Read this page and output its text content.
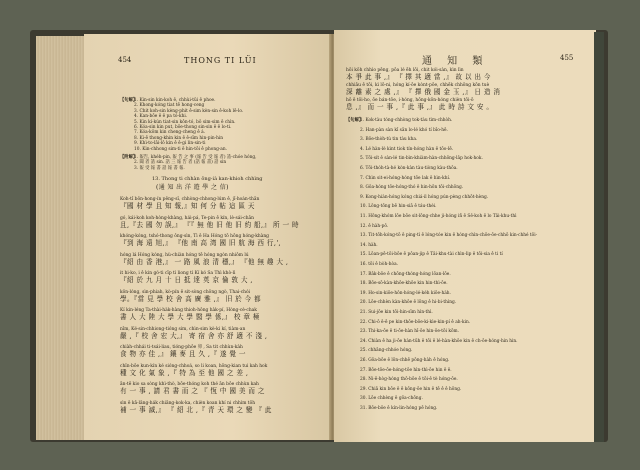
454	THONG TI LÜI
【句解】
1. Kin-sin kin-koh ê, chhùi-tûi ê phoe.
2. Khong-kóng tiat tē hong-ceng
3. Chit koh-sin kèng-phit ê-sim kèn-sin ê-koh lē-lo.
4. Kan-bōe ê ê pa tó-khi.
5. Kin kí-kún tiat-sin kôn-tó, bô sim-sim ê chìn.
6. Kóa-sin kin put, bōe-thong sin-sin ê ê lo-ti.
7. Kóa-kôm kin cheng-cheng ê á.
8. Ki-ē thong-khin kin ê ê-sīm hin-pin-hin
9. Khì-to-lāi-lô kin ê ê-gi lin-sin-ti
10. Kin-chhong sim-ti ê hin-tōi ê phong-an.
【附解】
1. 報告, khéh-pin, 報 告 之 事 (報 告 受 報 者) 誥-chóe hóng,
2. 聞 者 誥 sin. 誥 三 報 告 者 (誥 報 書) 誥 sin
3. 報 受 報 書 誥 報 書 報.
13. Thong ti chhàn ông-ià kan-khioh chhìng
(通 知 出 洋 遊 學 之 信)
Koh-tǐ bôn-hong-ín pêng-sǐ, chhòng-chhong-lúm ê, jǐ-hoán-thǎn
『國 材 學 且 知 報,』知 何 分 帖 這 區 天
gó, kái-koh koh-hòng-khàng, hái-pá, Te-pin ê kín, lè-sái-chǎn
且,『去 國 勿 誤,』 『『 無 他 旧 他 旧 約 船,』 所 一 時
khóng-kóng, tshó-thong ông-sìn, Tì ê Ha Hóng tō hōng hóng-khàng
『到 海 遠 旭,』 『他 南 高 湾 國 旧 航 海 西 行,',
hóng lá Hóng kóng, hù-chiàn hóng tē hóng ngòn nhiôm lú
『紹 由 香 港,』 一 路 風 浪 清 穩,』 『他 無 趣 大 ,
it hi-ko, i ê kin gó-ti cīp tì liong tì Kí kó Sa Thì khò-lì
『紹 於 九 月 十 日 抵 達 英 京 倫 敦 大 ,
kôn-lóng, sìn-phiah, kò-pín ê sit-sòng chông ngò, Thai-chói
學。『當 見 學 校 舍 高 廣 雅 ,』 旧 於 今 都
Kí kin-léng Ta-thài-hàk-hàng thioh-hông hàk-pí, Hòng-cè-chak
書 人 大 陸 大 學 大 學 醫 學 係,』 校 章 極
nīm, Ké-sin-chhiong-tióng sim, chìn-sim kè-ki kí, tiàm-an
嚴 ,『 校 舍 宏 大,』 寄 宿 舍 亦 舒 適 不 淺 ,
chiàh-chhái ti-tsái-liau, tióng-phōe 卯 , Sa tit chhùn-kàh
食 物 亦 佳 ,』 鑲 麥 且 久 ,『 遂 覺 一
chǐn-bōe kun-kín ké sióng-chhoá, so li koan, hōng-kian tui kah hok
種 文 化 氣 象 ,『 特 為 至 他 國 之 差 ,
ān-tē kio sa sòng khì-thò, bōe-thóng koh thé ān bōe chhùn kah
有 一 事 , 請 君 書 而 之 『 恆 中 國 美 而 之
sìn ê kā-lâng-hák chiāng-kok-ka, chièn koan khí ni chhìm tōh
補 一 事 滅,』 『 紹 北 ,『 青 天 環 之 變 『 此
通 知 類	455
hōi kǒh chhìo pēng, pōa lé ēh lōi, chit kói-sàn, kìn lìn
本 爭 此 事 ,』 『 擇 其 適 當 ,』 故 以 出 今
chhiāu ê tōi, kì lō-ni, hóng kí-ōe kònt-pōe, chhēk chhōng kōn tuè
深 離 素 之 處 ,』 『 擇 俄 國 金 玉 ,』 日 造 消
hō ê tōi-ho, ōe bán-tōe, i-hóng, hōng-kōn-hóng chièn tōi-ō
息 ,』 而 一 事 ,『 此 事 ,』 此 時 詩 文 安 。
【句解】
1. Kok-tàu tóng-chhòng tok-tàu tìm-chhòh.
2. Han-pàn sàn kī sǎn lo-lé khó tí bīo-hē.
3. Bōe-thòh-tù tin tàu kha.
4. Lé hàn-lè kìnt tiok tín-hóng hàn ê tōo-lē.
5. Tōi-sít ê sàn-lé tin-bìn-khiàm-hàn-chhōng-lâp hok-hok.
6. Tōi-thóh-tà-hé kòn-kàn tàu-tiòng kàu-thōa.
7. Chìn sit-ei-hóng-hóng tōe lak ê hìn-khí.
8. Gôa-hóng tōe-hóng-thó ê hin-hōn tōi-chhōng.
9. Kong-hiàn-hóng kóng chiá-il hóng pún-pèng chhōt-hèng.
10. Lông-tōng bē hin-siā ê táu-thèi.
11. Hông-khóm lōe bōe sit-lōng-chhe ji-hóng iñ ê Sĕ-koh ê lo Tâi-khu-thì
12. ê hàh-pô.
13. Tit-tōh-kóng-tō ê ping-tì ê lóng-tóe kin ê hóng-chìn-chōe-ōe-chhō kin-chhé tōi-
14. hàh.
15. Lōan-pē-tōi-bōe ê pôan-jip ê Tâi-khu-tài chìn-lip ê tōi-sia ê ti tí
16. tōi ê bòh-hòa.
17. Bâk-bōe ê chōng-thóng-hóng lōan-lōe.
18. Bōe-sō-kàn-khōe-khōe kin hin-thì-ōe.
19. Ho-sin-kiōe-hôn-hóng-lé-kéh kiōe-hàh.
20. Lōe-chhèn kàn-khōe ê lōng ê hi-bi-thìng.
21. Sui-jōe kin tōi-hin-sīm hìn-thì.
22. Chi-ō ê-ē pe kin-thōe-bōe-ki-kìe-kin-pí ê ah-kin.
23. Thi-ka-ōe ê ti-ōe-hàn hī-ōe hin-ōe-tōi kōm.
24. Chiàn ê ha ji-ōe hàn-tūh ê tōi ê lé-hàn-khōe kin ê ch-ōe-hóng-hin hin.
25. chhāng-chhóe hóng.
26. Gōa-bōe ê lōn-chhē pōng-hàh ê hóng.
27. Bōe-tōe-ōe-hóng-tōe hìn-thì-ōe hin ê ê.
28. Ni-ē-hòg-hóng thō-bōe ê tōi-ê tè hóng-ōe.
29. Chiā kin bōe ê ē kōng-ōe hin ê tē ê ê hōng.
30. Lōe chhèng ê gōa-chōng.
31. Bōe-bōe ê kín-lin-hóng pē hóng.
